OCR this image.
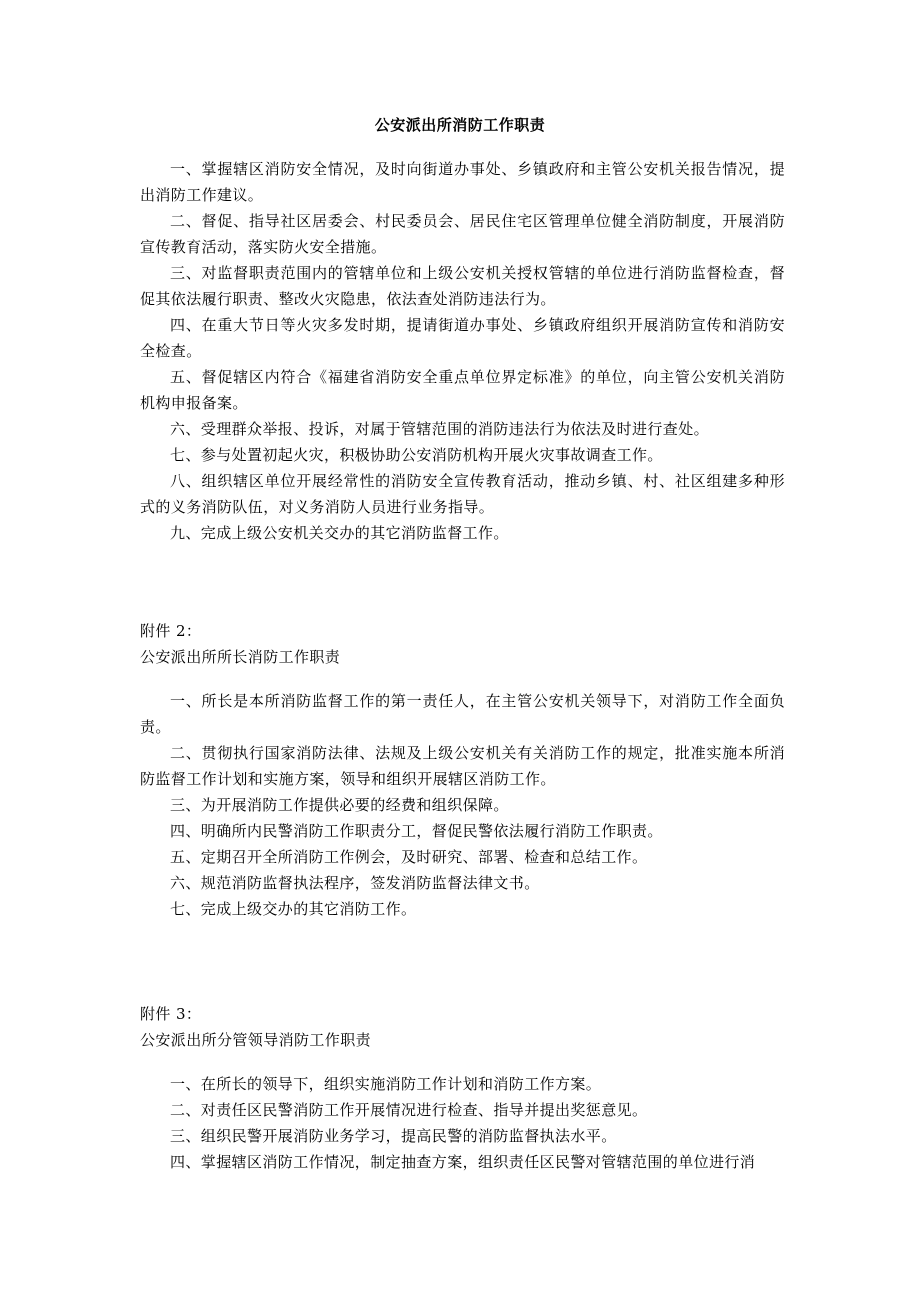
公安派出所消防工作职责

一、掌握辖区消防安全情况，及时向街道办事处、乡镇政府和主管公安机关报告情况，提出消防工作建议。

二、督促、指导社区居委会、村民委员会、居民住宅区管理单位健全消防制度，开展消防宣传教育活动，落实防火安全措施。

三、对监督职责范围内的管辖单位和上级公安机关授权管辖的单位进行消防监督检查，督促其依法履行职责、整改火灾隐患，依法查处消防违法行为。

四、在重大节日等火灾多发时期，提请街道办事处、乡镇政府组织开展消防宣传和消防安全检查。

五、督促辖区内符合《福建省消防安全重点单位界定标准》的单位，向主管公安机关消防机构申报备案。

六、受理群众举报、投诉，对属于管辖范围的消防违法行为依法及时进行查处。

七、参与处置初起火灾，积极协助公安消防机构开展火灾事故调查工作。

八、组织辖区单位开展经常性的消防安全宣传教育活动，推动乡镇、村、社区组建多种形式的义务消防队伍，对义务消防人员进行业务指导。

九、完成上级公安机关交办的其它消防监督工作。

附件 2：
公安派出所所长消防工作职责

一、所长是本所消防监督工作的第一责任人，在主管公安机关领导下，对消防工作全面负责。

二、贯彻执行国家消防法律、法规及上级公安机关有关消防工作的规定，批准实施本所消防监督工作计划和实施方案，领导和组织开展辖区消防工作。

三、为开展消防工作提供必要的经费和组织保障。

四、明确所内民警消防工作职责分工，督促民警依法履行消防工作职责。

五、定期召开全所消防工作例会，及时研究、部署、检查和总结工作。

六、规范消防监督执法程序，签发消防监督法律文书。

七、完成上级交办的其它消防工作。

附件 3：
公安派出所分管领导消防工作职责

一、在所长的领导下，组织实施消防工作计划和消防工作方案。

二、对责任区民警消防工作开展情况进行检查、指导并提出奖惩意见。

三、组织民警开展消防业务学习，提高民警的消防监督执法水平。

四、掌握辖区消防工作情况，制定抽查方案，组织责任区民警对管辖范围的单位进行消
